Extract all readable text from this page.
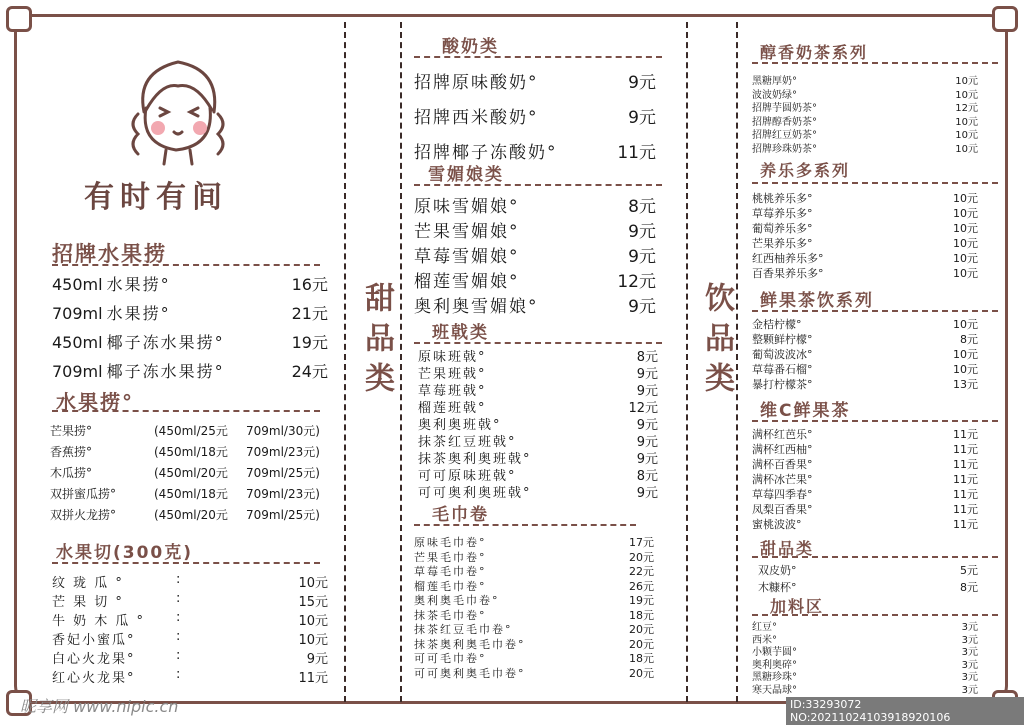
有时有间
甜品类	饮品类
招牌水果捞
450ml 水果捞°	16元
709ml 水果捞°	21元
450ml 椰子冻水果捞°	19元
709ml 椰子冻水果捞°	24元
水果捞°
芒果捞°	(450ml/25元 709ml/30元)
香蕉捞°	(450ml/18元 709ml/23元)
木瓜捞°	(450ml/20元 709ml/25元)
双拼蜜瓜捞°	(450ml/18元 709ml/23元)
双拼火龙捞°	(450ml/20元 709ml/25元)
水果切(300克)
纹 珑 瓜 °	:	10元
芒 果 切 °	:	15元
牛 奶 木 瓜 ° :	10元
香妃小蜜瓜°	:	10元
白心火龙果°	:	9元
红心火龙果°	:	11元
酸奶类
招牌原味酸奶°	9元
招牌西米酸奶°	9元
招牌椰子冻酸奶°	11元
雪媚娘类
原味雪媚娘°	8元
芒果雪媚娘°	9元
草莓雪媚娘°	9元
榴莲雪媚娘°	12元
奥利奥雪媚娘°	9元
班戟类
原味班戟°	8元
芒果班戟°	9元
草莓班戟°	9元
榴莲班戟°	12元
奥利奥班戟°	9元
抹茶红豆班戟°	9元
抹茶奥利奥班戟°	9元
可可原味班戟°	8元
可可奥利奥班戟°	9元
毛巾卷
原味毛巾卷°	17元
芒果毛巾卷°	20元
草莓毛巾卷°	22元
榴莲毛巾卷°	26元
奥利奥毛巾卷°	19元
抹茶毛巾卷°	18元
抹茶红豆毛巾卷°	20元
抹茶奥利奥毛巾卷°	20元
可可毛巾卷°	18元
可可奥利奥毛巾卷°	20元
醇香奶茶系列
黑糖厚奶°	10元
波波奶绿°	10元
招牌芋圆奶茶°	12元
招牌醇香奶茶°	10元
招牌红豆奶茶°	10元
招牌珍珠奶茶°	10元
养乐多系列
桃桃养乐多°	10元
草莓养乐多°	10元
葡萄养乐多°	10元
芒果养乐多°	10元
红西柚养乐多°	10元
百香果养乐多°	10元
鲜果茶饮系列
金桔柠檬°	10元
整颗鲜柠檬°	8元
葡萄波波冰°	10元
草莓番石榴°	10元
暴打柠檬茶°	13元
维C鲜果茶
满杯红芭乐°	11元
满杯红西柚°	11元
满杯百香果°	11元
满杯冰芒果°	11元
草莓四季春°	11元
凤梨百香果°	11元
蜜桃波波°	11元
甜品类
双皮奶°	5元
木糠杯°	8元
加料区
红豆°	3元
西米°	3元
小颗芋圆°	3元
奥利奥碎°	3元
黑糖珍珠°	3元
寒天晶球°	3元
昵享网 www.nipic.cn	ID:33293072 NO:20211024103918920106
